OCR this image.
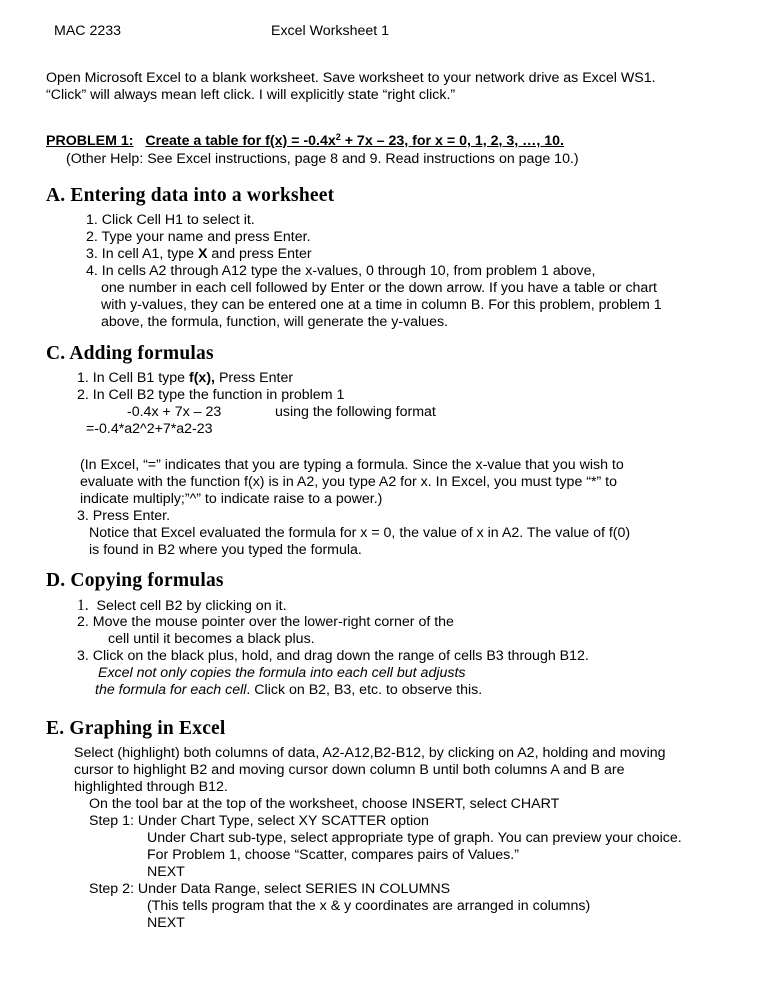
MAC 2233	Excel Worksheet 1
Open Microsoft Excel to a blank worksheet. Save worksheet to your network drive as Excel WS1.
“Click” will always mean left click. I will explicitly state “right click.”
PROBLEM 1: Create a table for $f(x) = -0.4x^2 + 7x - 23$, for x = 0, 1, 2, 3, …, 10.
(Other Help: See Excel instructions, page 8 and 9. Read instructions on page 10.)
A. Entering data into a worksheet
1. Click Cell H1 to select it.
2. Type your name and press Enter.
3. In cell A1, type X and press Enter
4. In cells A2 through A12 type the x-values, 0 through 10, from problem 1 above,
one number in each cell followed by Enter or the down arrow. If you have a table or chart
with y-values, they can be entered one at a time in column B. For this problem, problem 1
above, the formula, function, will generate the y-values.
C. Adding formulas
1. In Cell B1 type f(x), Press Enter
2. In Cell B2 type the function in problem 1
-0.4x + 7x – 23	using the following format
=-0.4*a2^2+7*a2-23
(In Excel, “=” indicates that you are typing a formula. Since the x-value that you wish to
evaluate with the function f(x) is in A2, you type A2 for x. In Excel, you must type “*” to
indicate multiply;”^” to indicate raise to a power.)
3. Press Enter.
Notice that Excel evaluated the formula for x = 0, the value of x in A2. The value of f(0)
is found in B2 where you typed the formula.
D. Copying formulas
1. Select cell B2 by clicking on it.
2. Move the mouse pointer over the lower-right corner of the
cell until it becomes a black plus.
3. Click on the black plus, hold, and drag down the range of cells B3 through B12.
Excel not only copies the formula into each cell but adjusts
the formula for each cell. Click on B2, B3, etc. to observe this.
E. Graphing in Excel
Select (highlight) both columns of data, A2-A12,B2-B12, by clicking on A2, holding and moving
cursor to highlight B2 and moving cursor down column B until both columns A and B are
highlighted through B12.
On the tool bar at the top of the worksheet, choose INSERT, select CHART
Step 1: Under Chart Type, select XY SCATTER option
Under Chart sub-type, select appropriate type of graph. You can preview your choice.
For Problem 1, choose “Scatter, compares pairs of Values.”
NEXT
Step 2: Under Data Range, select SERIES IN COLUMNS
(This tells program that the x & y coordinates are arranged in columns)
NEXT
